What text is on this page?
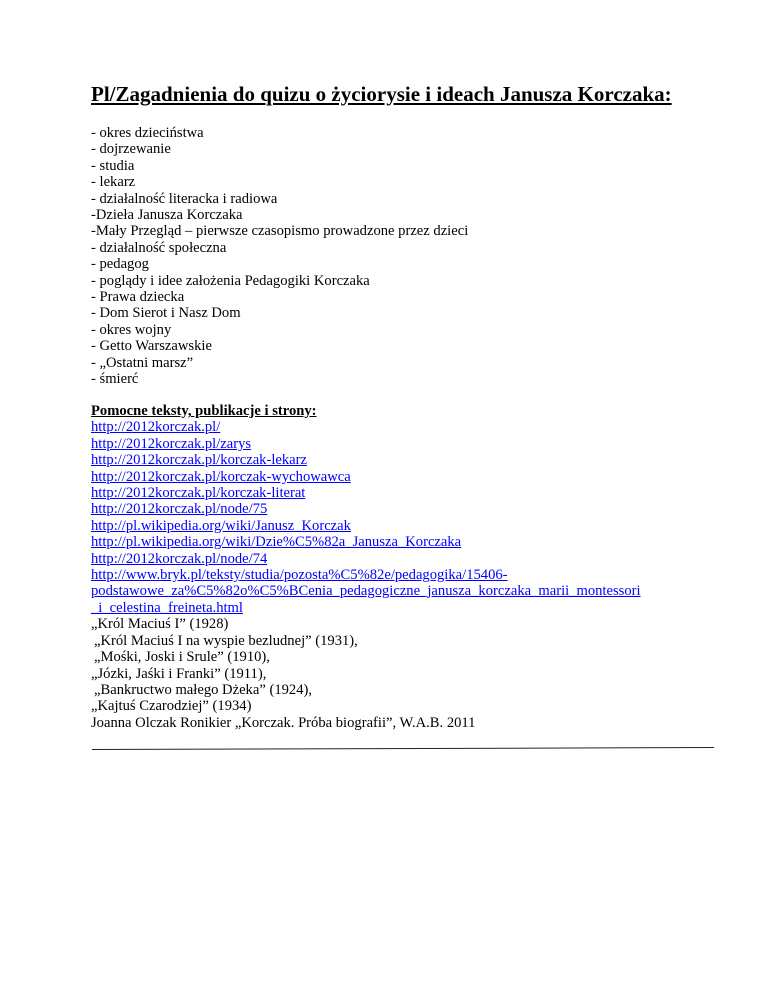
Pl/Zagadnienia do quizu o życiorysie i ideach Janusza Korczaka:
- okres dzieciństwa
- dojrzewanie
- studia
- lekarz
- działalność literacka i radiowa
-Dzieła Janusza Korczaka
-Mały Przegląd – pierwsze czasopismo prowadzone przez dzieci
- działalność społeczna
- pedagog
- poglądy i idee założenia Pedagogiki Korczaka
- Prawa dziecka
- Dom Sierot i Nasz Dom
- okres wojny
- Getto Warszawskie
- „Ostatni marsz”
- śmierć
Pomocne teksty, publikacje i strony:
http://2012korczak.pl/
http://2012korczak.pl/zarys
http://2012korczak.pl/korczak-lekarz
http://2012korczak.pl/korczak-wychowawca
http://2012korczak.pl/korczak-literat
http://2012korczak.pl/node/75
http://pl.wikipedia.org/wiki/Janusz_Korczak
http://pl.wikipedia.org/wiki/Dzie%C5%82a_Janusza_Korczaka
http://2012korczak.pl/node/74
http://www.bryk.pl/teksty/studia/pozosta%C5%82e/pedagogika/15406-
podstawowe_za%C5%82o%C5%BCenia_pedagogiczne_janusza_korczaka_marii_montessori
_i_celestina_freineta.html
„Król Maciuś I” (1928)
„Król Maciuś I na wyspie bezludnej” (1931),
„Mośki, Joski i Srule” (1910),
„Józki, Jaśki i Franki” (1911),
„Bankructwo małego Dżeka” (1924),
„Kajtuś Czarodziej” (1934)
Joanna Olczak Ronikier „Korczak. Próba biografii”, W.A.B. 2011
